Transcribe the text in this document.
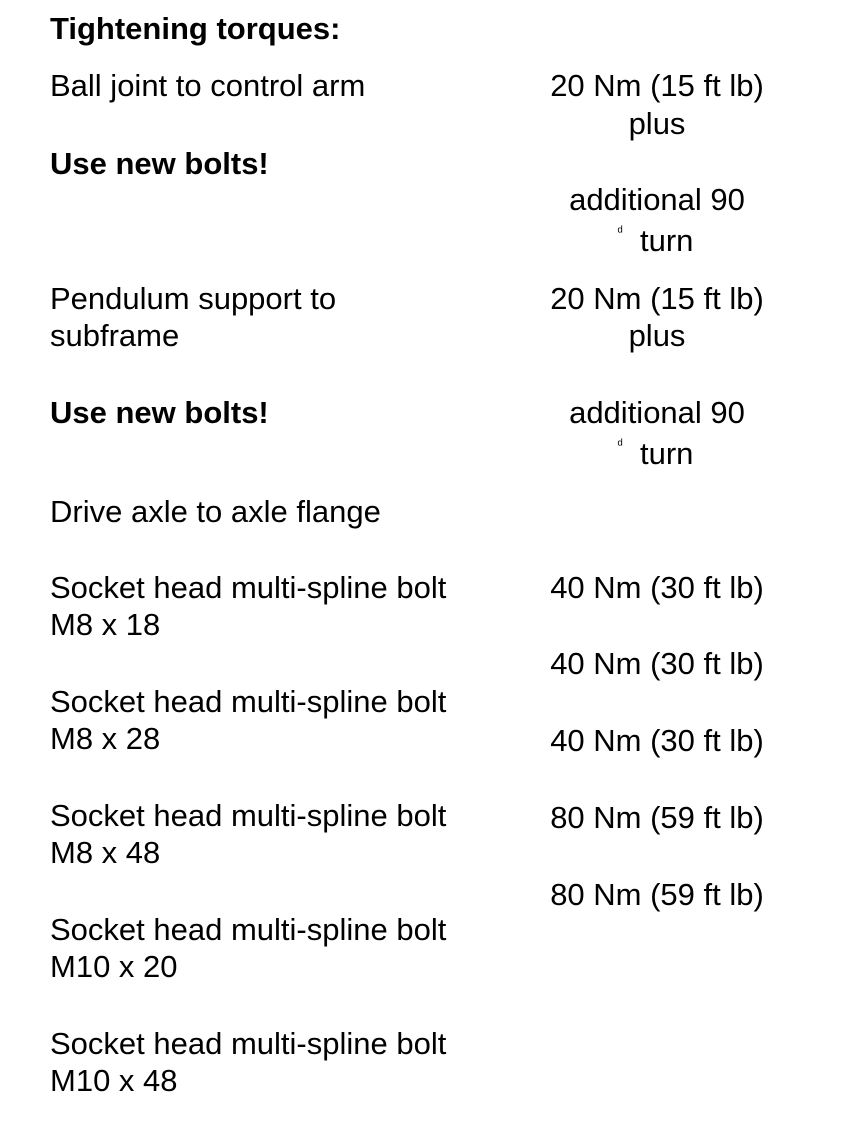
Tightening torques:
Ball joint to control arm	20 Nm (15 ft lb)
plus
Use new bolts!
additional 90
turn
Pendulum support to
subframe
20 Nm (15 ft lb)
plus
Use new bolts!	additional 90
turn
Drive axle to axle flange
Socket head multi-spline bolt
M8 x 18
Socket head multi-spline bolt
M8 x 28
Socket head multi-spline bolt
M8 x 48
Socket head multi-spline bolt
M10 x 20
Socket head multi-spline bolt
M10 x 48
40 Nm (30 ft lb)
40 Nm (30 ft lb)
40 Nm (30 ft lb)
80 Nm (59 ft lb)
80 Nm (59 ft lb)
